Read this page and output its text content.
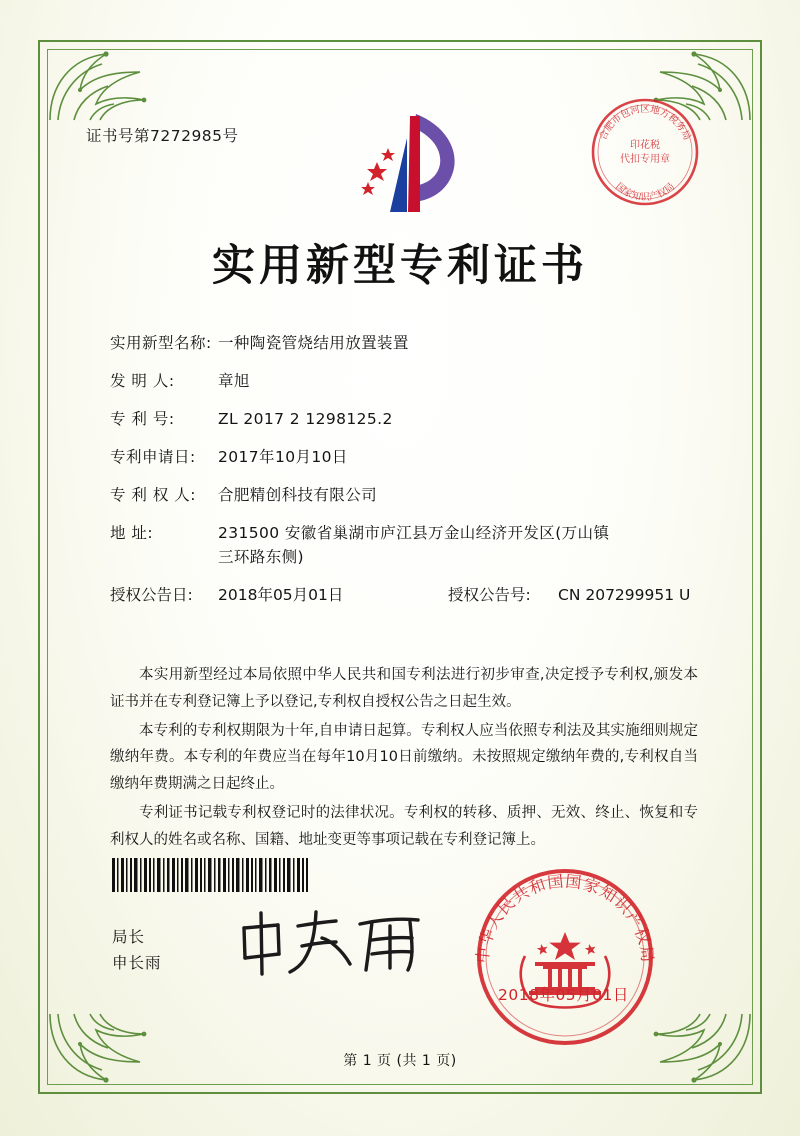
证书号第7272985号	合肥市包河区地方税务局
国家知识产权局
印花税
代扣专用章
实用新型专利证书
实用新型名称: 一种陶瓷管烧结用放置装置
发 明 人:	章旭
专 利 号:	ZL 2017 2 1298125.2
专利申请日:	2017年10月10日
专 利 权 人:	合肥精创科技有限公司
地 址:	231500 安徽省巢湖市庐江县万金山经济开发区(万山镇
三环路东侧)
授权公告日:	2018年05月01日	授权公告号:	CN 207299951 U

本实用新型经过本局依照中华人民共和国专利法进行初步审查,决定授予专利权,颁发本证书并在专利登记簿上予以登记,专利权自授权公告之日起生效。

本专利的专利权期限为十年,自申请日起算。专利权人应当依照专利法及其实施细则规定缴纳年费。本专利的年费应当在每年10月10日前缴纳。未按照规定缴纳年费的,专利权自当缴纳年费期满之日起终止。

专利证书记载专利权登记时的法律状况。专利权的转移、质押、无效、终止、恢复和专利权人的姓名或名称、国籍、地址变更等事项记载在专利登记簿上。

局长
申长雨	中华人民共和国国家知识产权局
2018年05月01日
第 1 页 (共 1 页)
